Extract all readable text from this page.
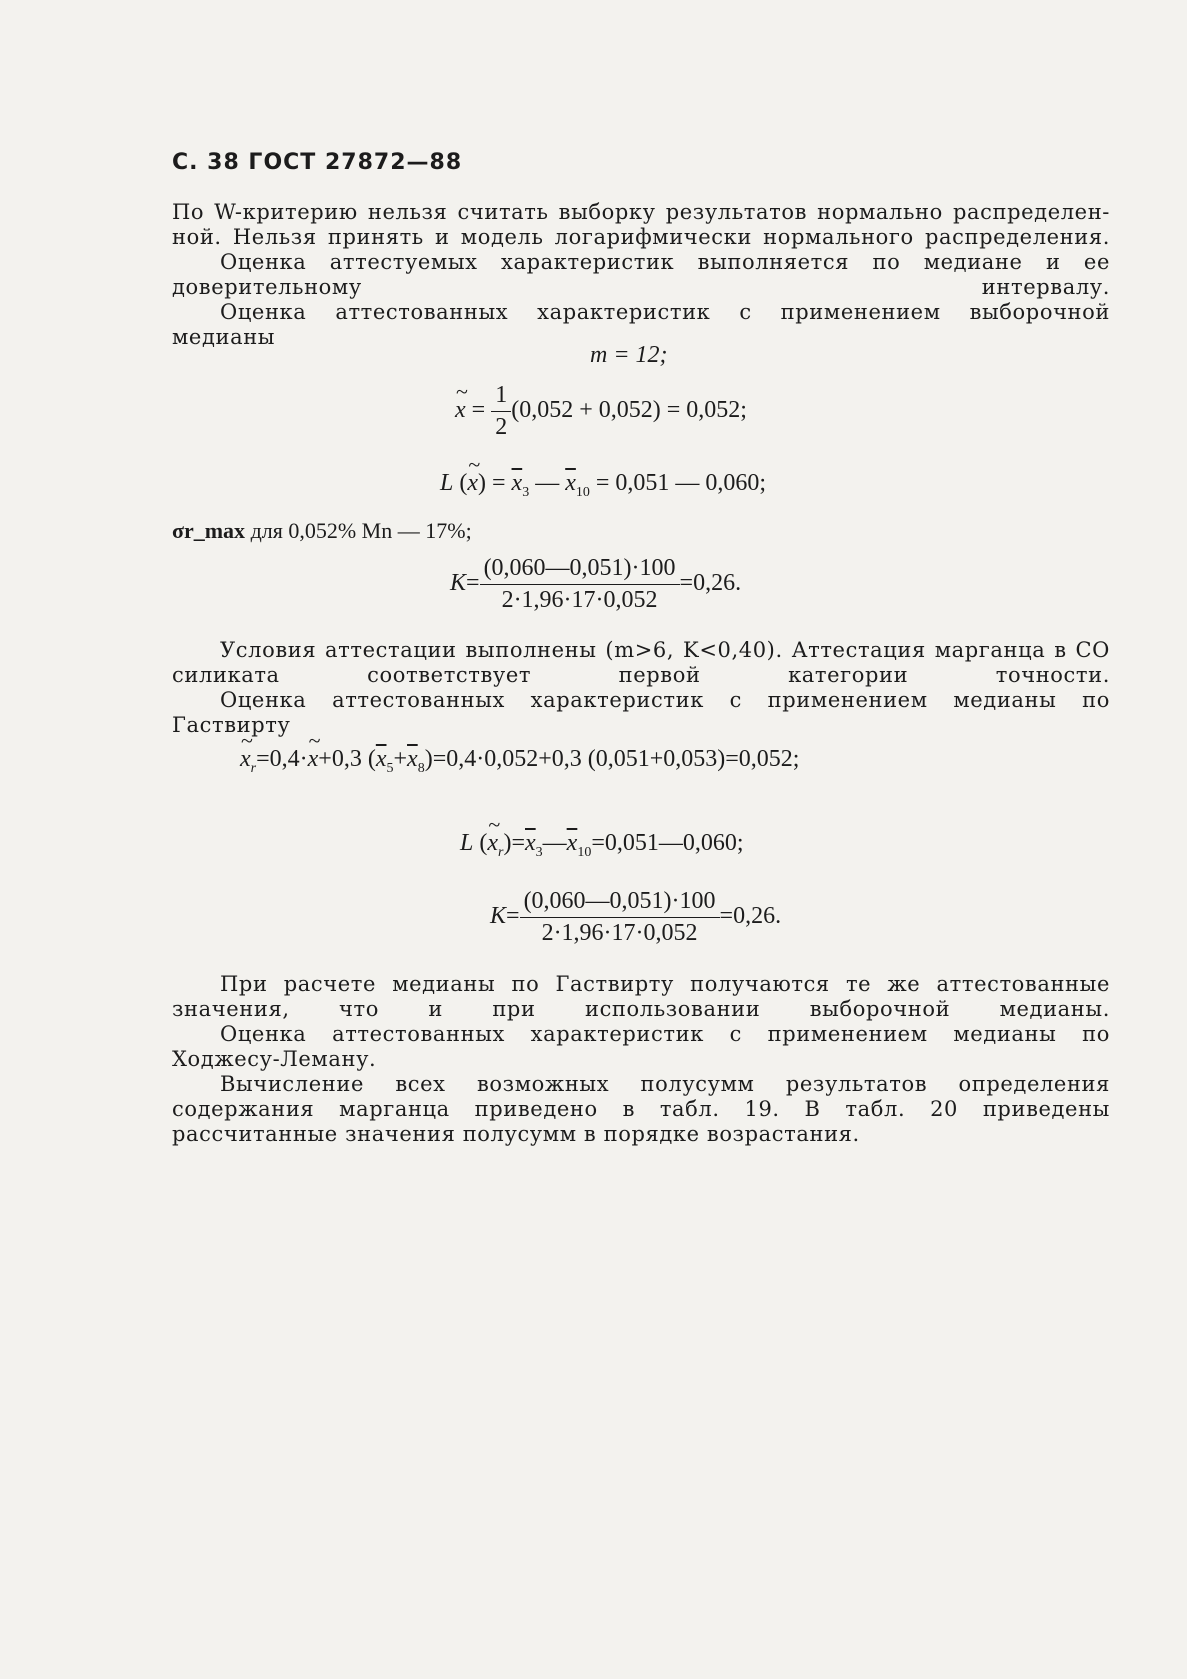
С. 38 ГОСТ 27872—88
По W-критерию нельзя считать выборку результатов нормально распределен-ной. Нельзя принять и модель логарифмически нормального распределения.
Оценка аттестуемых характеристик выполняется по медиане и ее доверительному интервалу.
Оценка аттестованных характеристик с применением выборочной медианы
m = 12;
~ $x = \frac{1}{2} (0,052 + 0,052) = 0,052$;
L (~ $x) = \overline{x}_3$ — $\overline{x}_{10} = 0,051$ — 0,060;
σr_max для 0,052% Mn — 17%;
$K= \frac{(0,060—0,051)\cdot 100}{2\cdot 1,96\cdot 17\cdot 0,052} =0,26$.
Условия аттестации выполнены (m>6, K<0,40). Аттестация марганца в СО силиката соответствует первой категории точности.
Оценка аттестованных характеристик с применением медианы по Гаствирту
~ $x_r=0,4\cdot\sim$ x+0,3 $(\overline{x}_5+\overline{x}_8)=0,4\cdot 0,052+0,3$ (0,051+0,053)=0,052;
L (~ $x_r)=\overline{x}_3—\overline{x}_{10}=0,051—0,060$;
$K= \frac{(0,060—0,051)\cdot 100}{2\cdot 1,96\cdot 17\cdot 0,052} =0,26$.
При расчете медианы по Гаствирту получаются те же аттестованные значения, что и при использовании выборочной медианы.
Оценка аттестованных характеристик с применением медианы по Ходжесу-Леману.
Вычисление всех возможных полусумм результатов определения содержания марганца приведено в табл. 19. В табл. 20 приведены рассчитанные значения полусумм в порядке возрастания.
